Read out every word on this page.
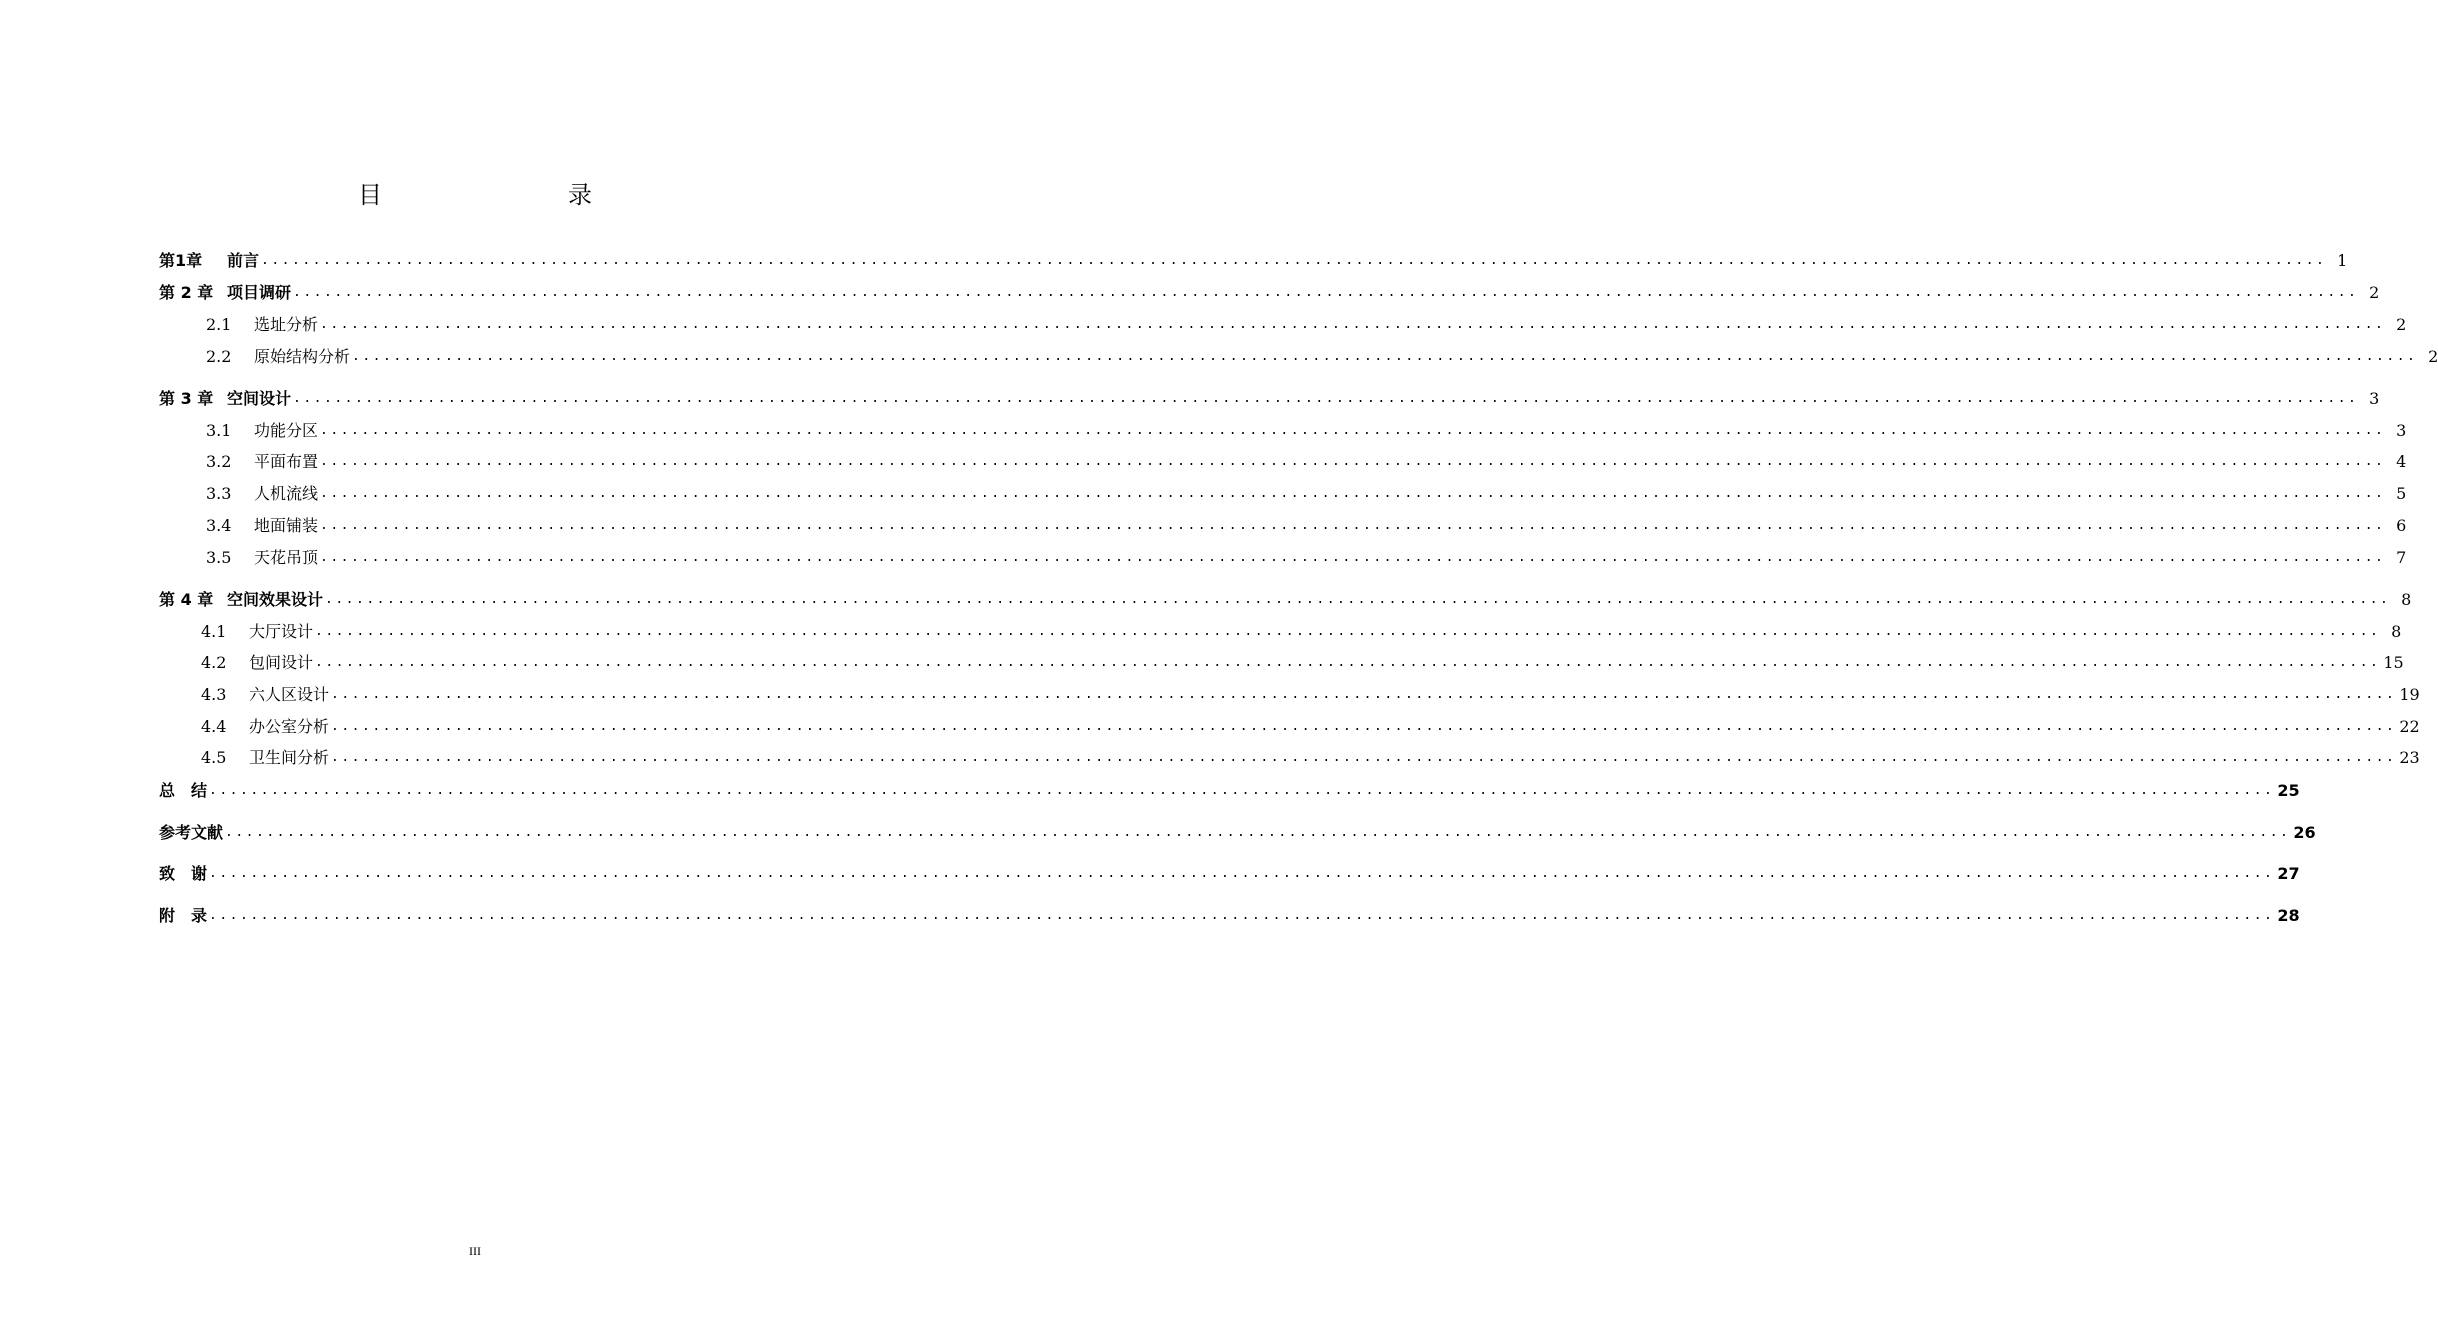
目　　录
第1章	前言 ........................................................................................................................................................................................................ 1
第 2 章 项目调研 ........................................................................................................................................................................................................ 2
2.1	选址分析 ........................................................................................................................................................................................................ 2
2.2	原始结构分析 ........................................................................................................................................................................................................ 2
第 3 章 空间设计 ........................................................................................................................................................................................................ 3
3.1	功能分区 ........................................................................................................................................................................................................ 3
3.2	平面布置 ........................................................................................................................................................................................................ 4
3.3	人机流线 ........................................................................................................................................................................................................ 5
3.4	地面铺装 ........................................................................................................................................................................................................ 6
3.5	天花吊顶 ........................................................................................................................................................................................................ 7
第 4 章 空间效果设计 ........................................................................................................................................................................................................ 8
4.1	大厅设计 ........................................................................................................................................................................................................ 8
4.2	包间设计 ........................................................................................................................................................................................................ 15
4.3	六人区设计 ........................................................................................................................................................................................................ 19
4.4	办公室分析 ........................................................................................................................................................................................................ 22
4.5	卫生间分析 ........................................................................................................................................................................................................ 23
总　结 ........................................................................................................................................................................................................ 25
参考文献 ........................................................................................................................................................................................................ 26
致　谢 ........................................................................................................................................................................................................ 27
附　录 ........................................................................................................................................................................................................ 28
III
